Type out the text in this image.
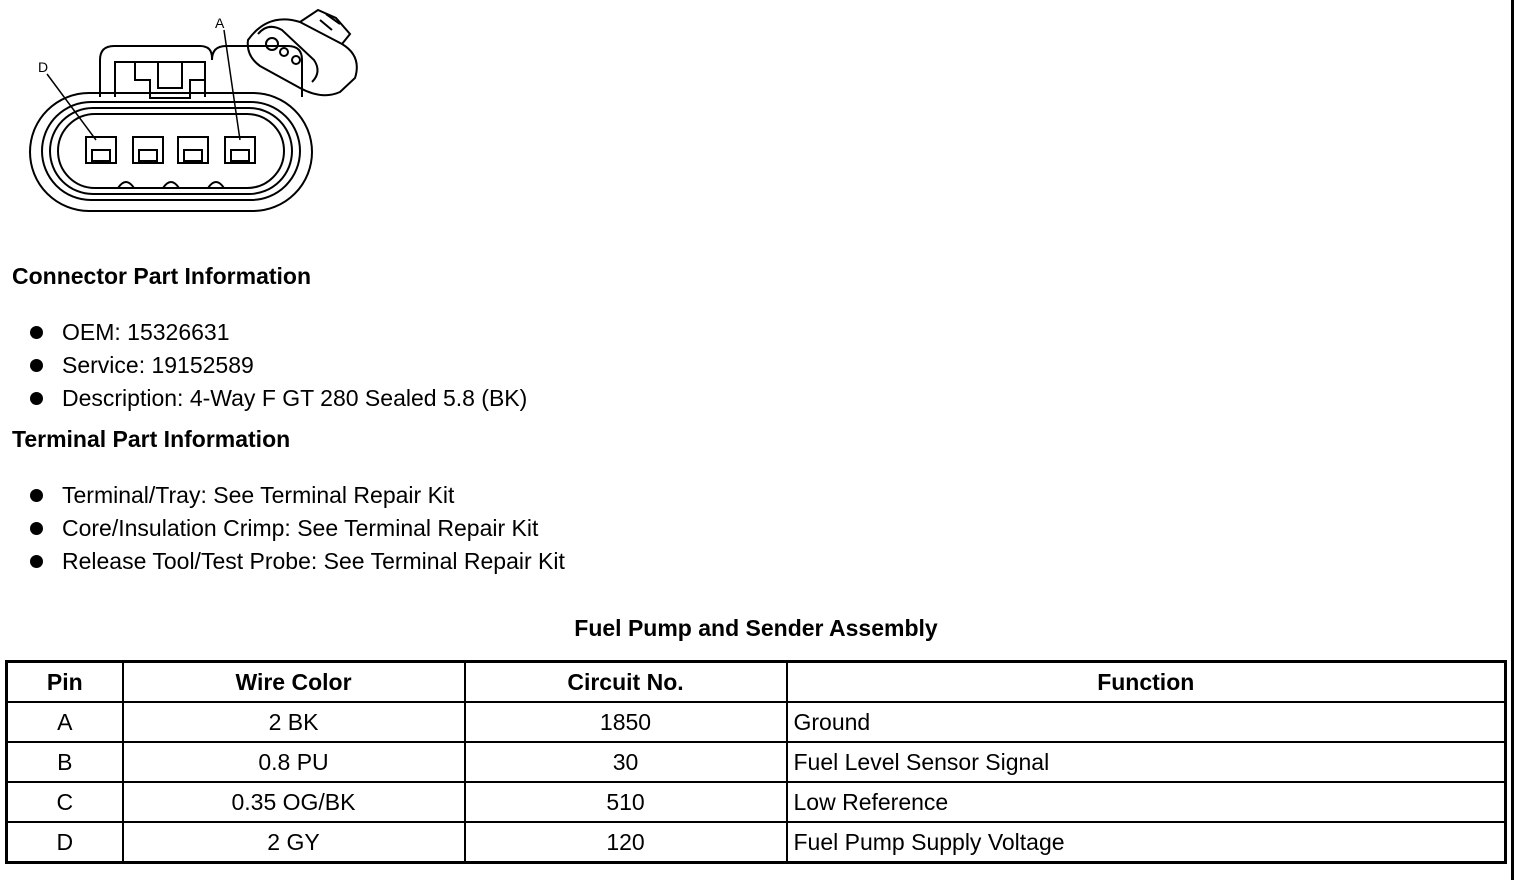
A
D
Connector Part Information
OEM: 15326631
Service: 19152589
Description: 4-Way F GT 280 Sealed 5.8 (BK)
Terminal Part Information
Terminal/Tray: See Terminal Repair Kit
Core/Insulation Crimp: See Terminal Repair Kit
Release Tool/Test Probe: See Terminal Repair Kit
Fuel Pump and Sender Assembly
Pin	Wire Color	Circuit No.	Function
A	2 BK	1850	Ground
B	0.8 PU	30	Fuel Level Sensor Signal
C	0.35 OG/BK	510	Low Reference
D	2 GY	120	Fuel Pump Supply Voltage
